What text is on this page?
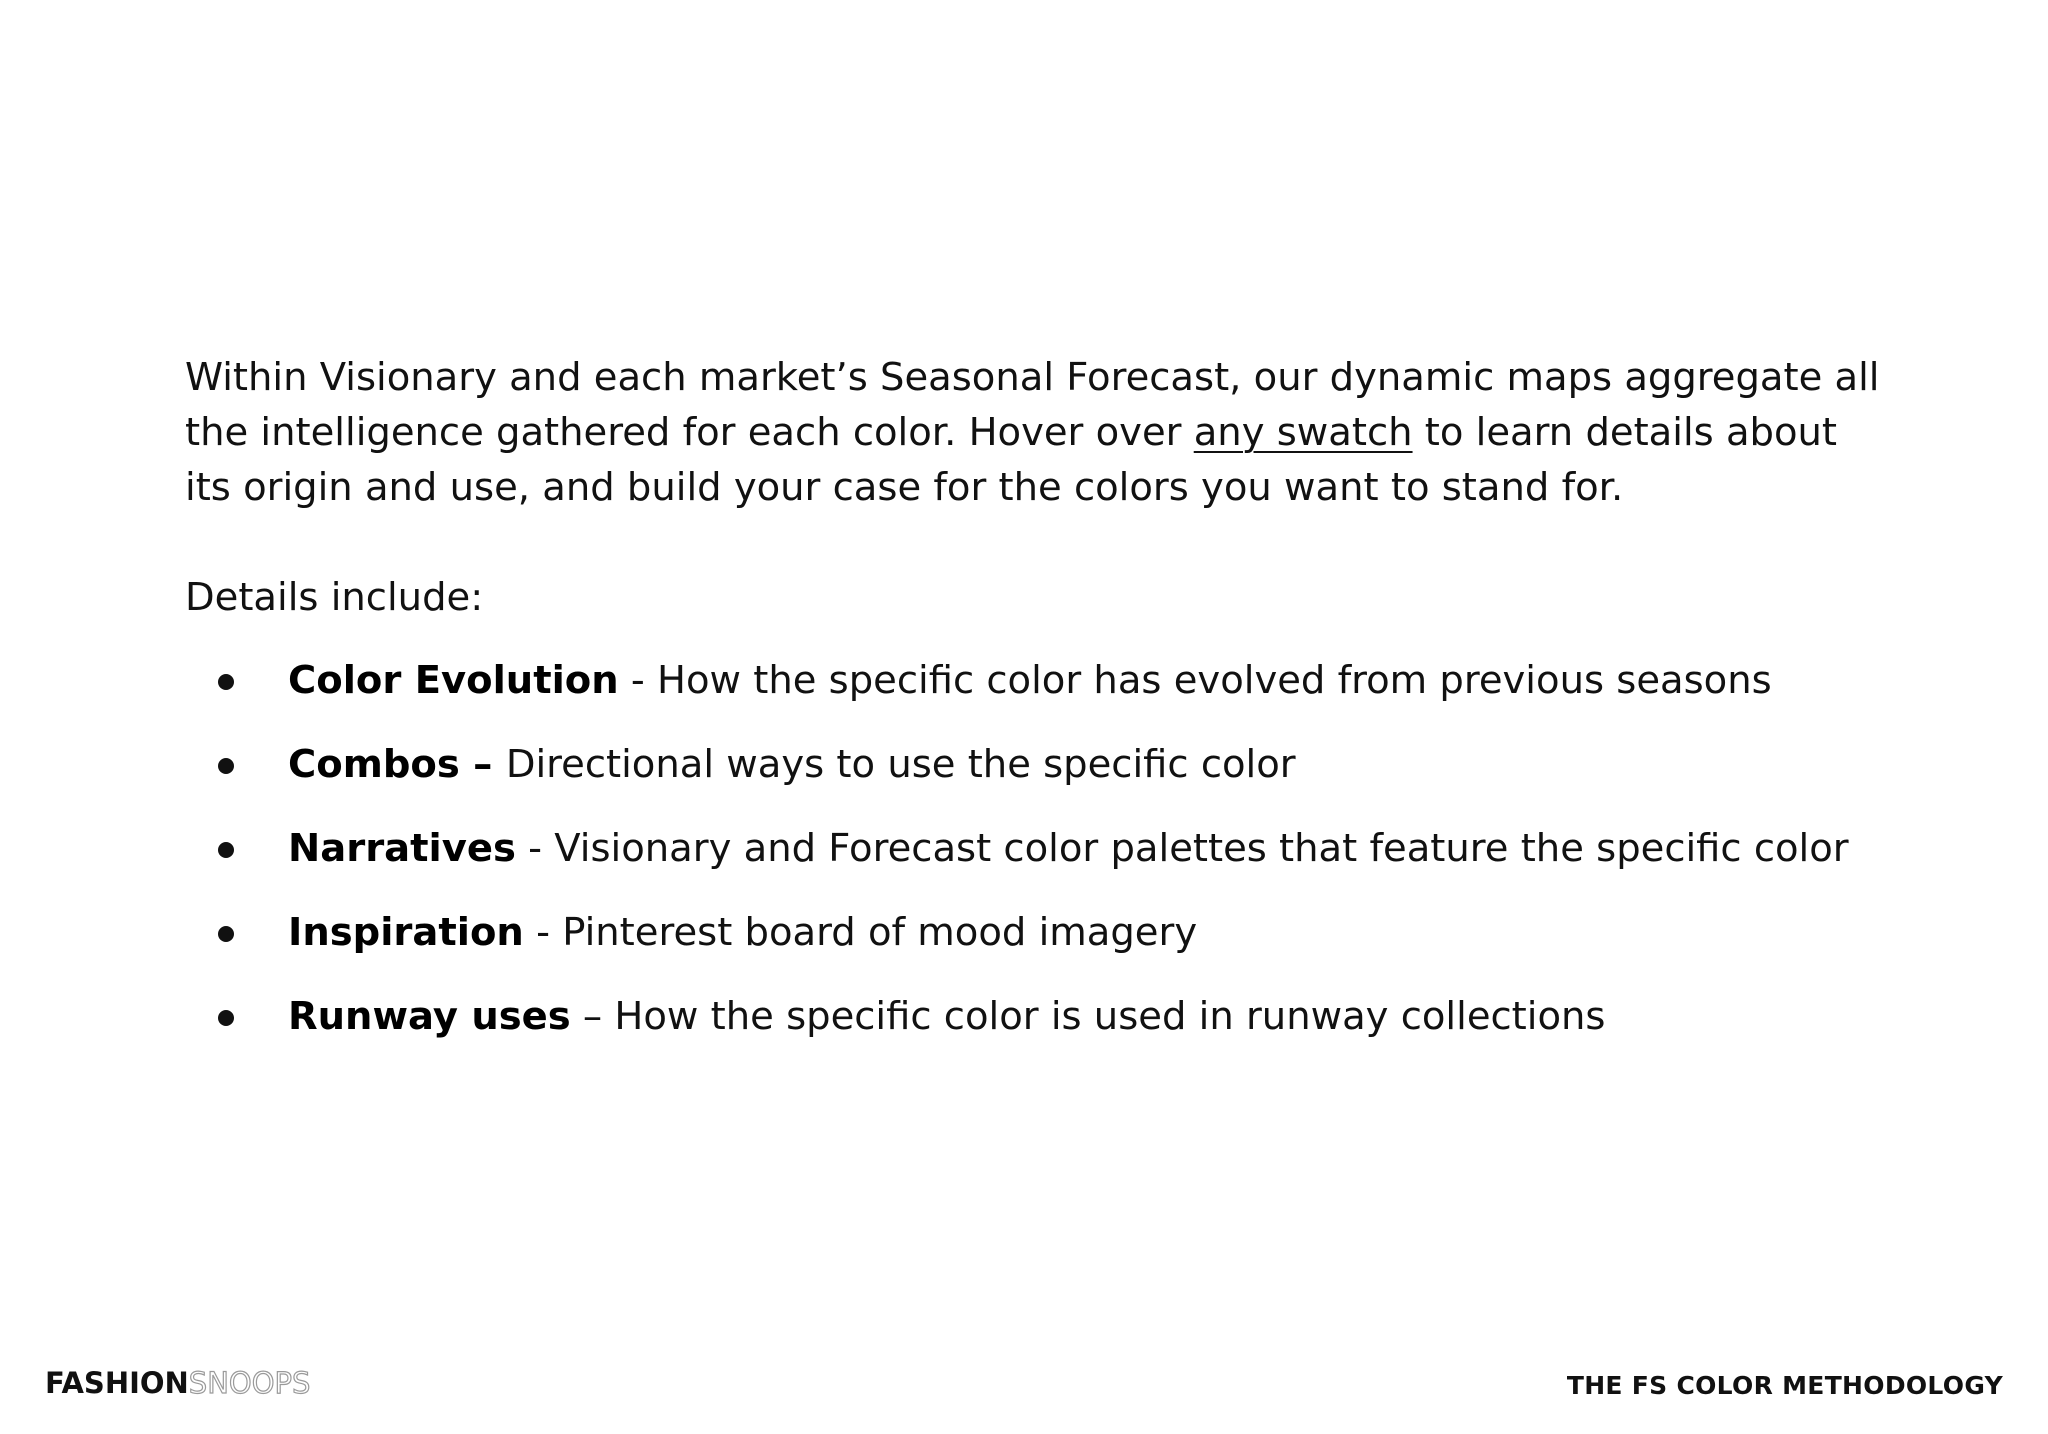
Within Visionary and each market’s Seasonal Forecast, our dynamic maps aggregate all the intelligence gathered for each color. Hover over any swatch to learn details about its origin and use, and build your case for the colors you want to stand for.

Details include:

Color Evolution - How the specific color has evolved from previous seasons
Combos – Directional ways to use the specific color
Narratives - Visionary and Forecast color palettes that feature the specific color
Inspiration - Pinterest board of mood imagery
Runway uses – How the specific color is used in runway collections
FASHIONSNOOPS	THE FS COLOR METHODOLOGY
